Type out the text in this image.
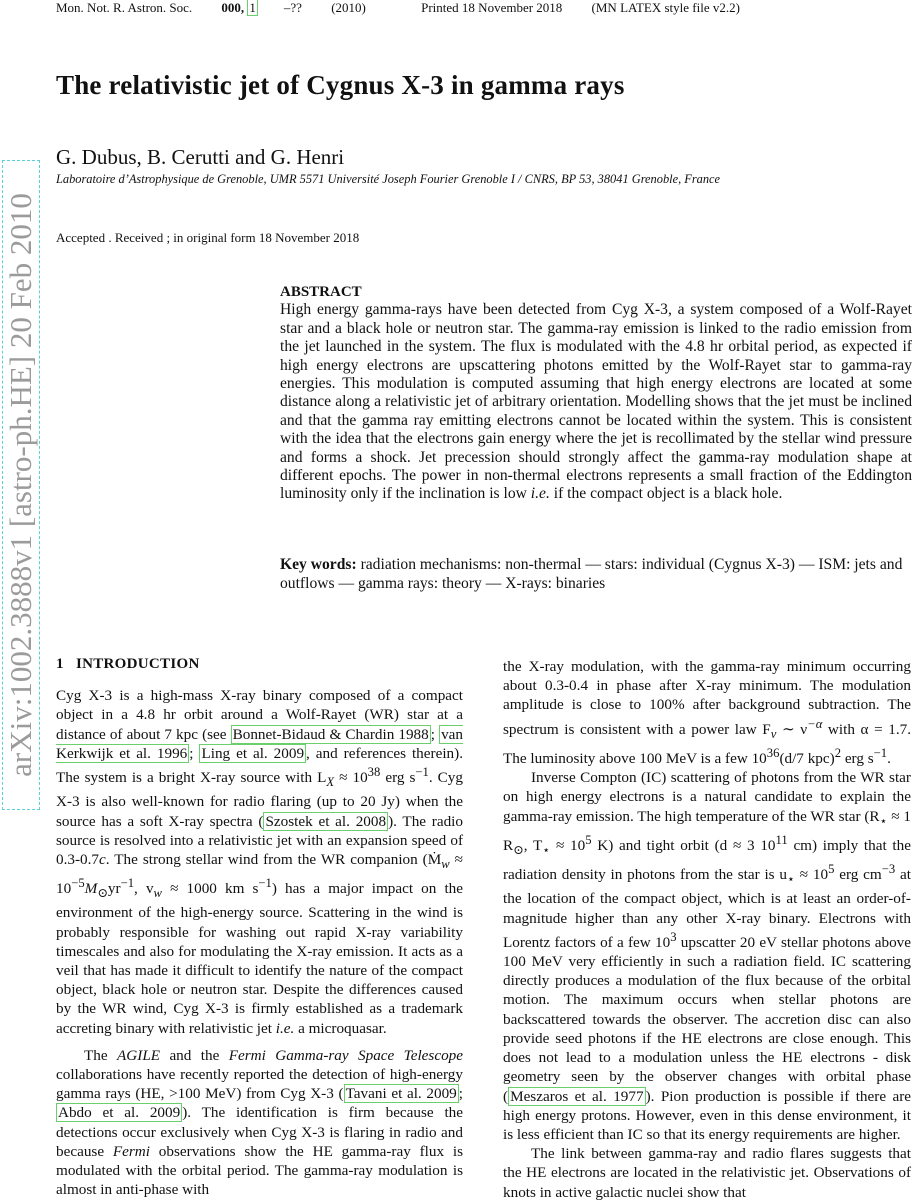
Mon. Not. R. Astron. Soc. 000, 1 –?? (2010)	Printed 18 November 2018 (MN LATEX style file v2.2)
arXiv:1002.3888v1 [astro-ph.HE] 20 Feb 2010
The relativistic jet of Cygnus X-3 in gamma rays
G. Dubus, B. Cerutti and G. Henri
Laboratoire d’Astrophysique de Grenoble, UMR 5571 Université Joseph Fourier Grenoble I / CNRS, BP 53, 38041 Grenoble, France
Accepted . Received ; in original form 18 November 2018
ABSTRACT
High energy gamma-rays have been detected from Cyg X-3, a system composed of a Wolf-Rayet star and a black hole or neutron star. The gamma-ray emission is linked to the radio emission from the jet launched in the system. The flux is modulated with the 4.8 hr orbital period, as expected if high energy electrons are upscattering photons emitted by the Wolf-Rayet star to gamma-ray energies. This modulation is computed assuming that high energy electrons are located at some distance along a relativistic jet of arbitrary orientation. Modelling shows that the jet must be inclined and that the gamma ray emitting electrons cannot be located within the system. This is consistent with the idea that the electrons gain energy where the jet is recollimated by the stellar wind pressure and forms a shock. Jet precession should strongly affect the gamma-ray modulation shape at different epochs. The power in non-thermal electrons represents a small fraction of the Eddington luminosity only if the inclination is low i.e. if the compact object is a black hole.
Key words: radiation mechanisms: non-thermal — stars: individual (Cygnus X-3) — ISM: jets and outflows — gamma rays: theory — X-rays: binaries
1 INTRODUCTION

Cyg X-3 is a high-mass X-ray binary composed of a compact object in a 4.8 hr orbit around a Wolf-Rayet (WR) star at a distance of about 7 kpc (see Bonnet-Bidaud & Chardin 1988 ; van Kerkwijk et al. 1996 ; Ling et al. 2009 , and references therein). The system is a bright X-ray source with $L_X \approx 10^{38}$ erg $s^{-1}$. Cyg X-3 is also well-known for radio flaring (up to 20 Jy) when the source has a soft X-ray spectra ( Szostek et al. 2008 ). The radio source is resolved into a relativistic jet with an expansion speed of 0.3-0.7c. The strong stellar wind from the WR companion (Ṁ$_w$ ≈ $10^{-5}M_⊙yr^{-1}$, $v_w \approx 1000$ km $s^{-1}$) has a major impact on the environment of the high-energy source. Scattering in the wind is probably responsible for washing out rapid X-ray variability timescales and also for modulating the X-ray emission. It acts as a veil that has made it difficult to identify the nature of the compact object, black hole or neutron star. Despite the differences caused by the WR wind, Cyg X-3 is firmly established as a trademark accreting binary with relativistic jet i.e. a microquasar.

The AGILE and the Fermi Gamma-ray Space Telescope collaborations have recently reported the detection of high-energy gamma rays (HE, >100 MeV) from Cyg X-3 ( Tavani et al. 2009 ; Abdo et al. 2009 ). The identification is firm because the detections occur exclusively when Cyg X-3 is flaring in radio and because Fermi observations show the HE gamma-ray flux is modulated with the orbital period. The gamma-ray modulation is almost in anti-phase with

the X-ray modulation, with the gamma-ray minimum occurring about 0.3-0.4 in phase after X-ray minimum. The modulation amplitude is close to 100% after background subtraction. The spectrum is consistent with a power law $F_\nu$ ∼ $\nu^{-\alpha}$ with α = 1.7. The luminosity above 100 MeV is a few $10^{36}(d/7$ kpc)$^2$ erg $s^{-1}$.

Inverse Compton (IC) scattering of photons from the WR star on high energy electrons is a natural candidate to explain the gamma-ray emission. The high temperature of the WR star ($R_⋆ \approx 1$ $R_⊙$, $T_⋆ \approx 10^5$ K) and tight orbit (d ≈ 3 $10^{11}$ cm) imply that the radiation density in photons from the star is $u_⋆ \approx 10^5$ erg $cm^{-3}$ at the location of the compact object, which is at least an order-of-magnitude higher than any other X-ray binary. Electrons with Lorentz factors of a few $10^3$ upscatter 20 eV stellar photons above 100 MeV very efficiently in such a radiation field. IC scattering directly produces a modulation of the flux because of the orbital motion. The maximum occurs when stellar photons are backscattered towards the observer. The accretion disc can also provide seed photons if the HE electrons are close enough. This does not lead to a modulation unless the HE electrons - disk geometry seen by the observer changes with orbital phase ( Meszaros et al. 1977 ). Pion production is possible if there are high energy protons. However, even in this dense environment, it is less efficient than IC so that its energy requirements are higher.

The link between gamma-ray and radio flares suggests that the HE electrons are located in the relativistic jet. Observations of knots in active galactic nuclei show that
